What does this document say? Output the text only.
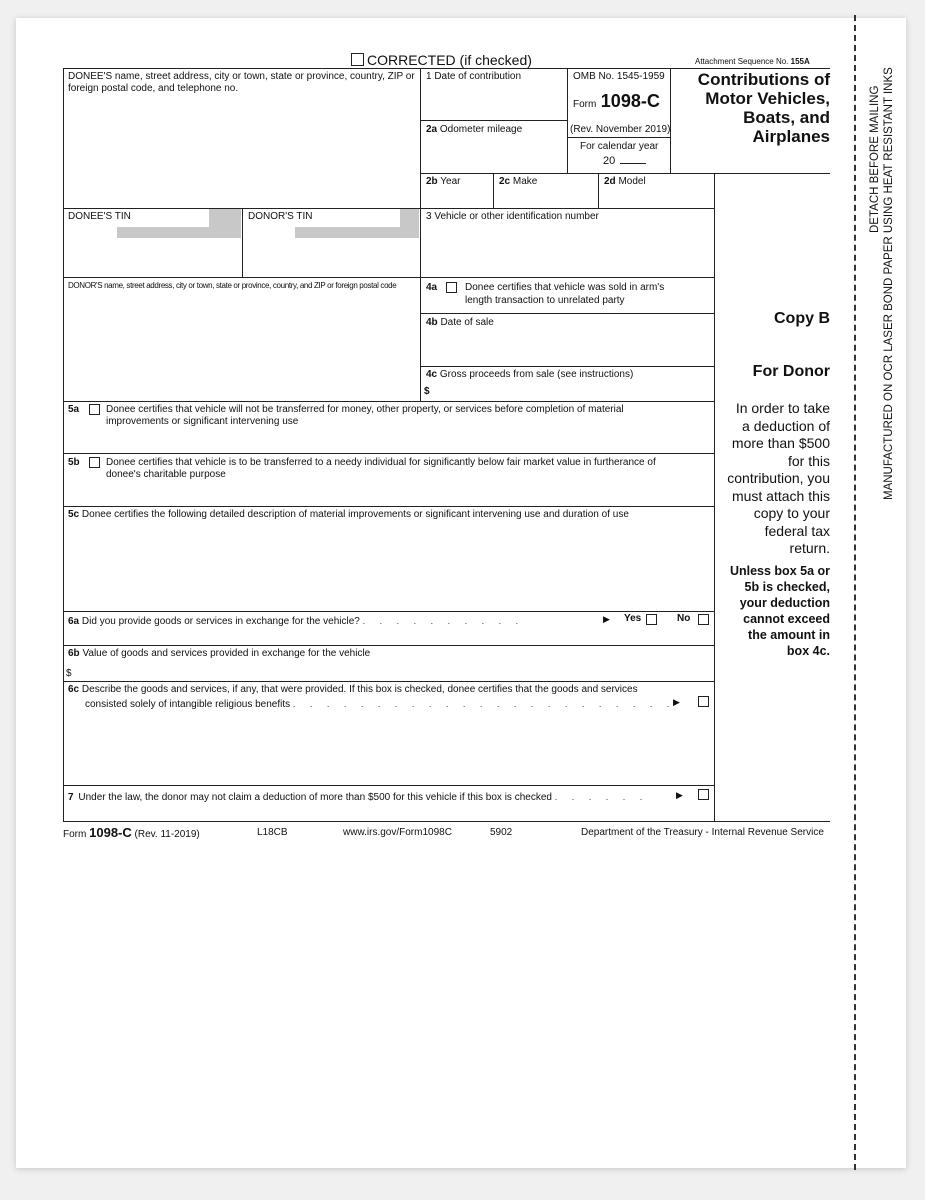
CORRECTED (if checked)	Attachment Sequence No. 155A
DONEE'S name, street address, city or town, state or province, country, ZIP or foreign postal code, and telephone no.
1 Date of contribution	OMB No. 1545-1959
Form 1098-C
(Rev. November 2019)
For calendar year
20
Contributions of
Motor Vehicles,
Boats, and
Airplanes
2a Odometer mileage
2b Year	2c Make	2d Model
DONEE'S TIN	DONOR'S TIN	3 Vehicle or other identification number
DONOR'S name, street address, city or town, state or province, country, and ZIP or foreign postal code	4a	Donee certifies that vehicle was sold in arm's
length transaction to unrelated party
4b Date of sale
4c Gross proceeds from sale (see instructions)
$
5a	Donee certifies that vehicle will not be transferred for money, other property, or services before completion of material
improvements or significant intervening use
5b	Donee certifies that vehicle is to be transferred to a needy individual for significantly below fair market value in furtherance of
donee's charitable purpose
5c Donee certifies the following detailed description of material improvements or significant intervening use and duration of use
6a Did you provide goods or services in exchange for the vehicle? . . . . . . . . . .	▶ Yes	No
6b Value of goods and services provided in exchange for the vehicle
$
6c Describe the goods and services, if any, that were provided. If this box is checked, donee certifies that the goods and services
consisted solely of intangible religious benefits . . . . . . . . . . . . . . . . . . . . . . .
▶
7 Under the law, the donor may not claim a deduction of more than $500 for this vehicle if this box is checked . . . . . .	▶
Copy B
For Donor
In order to take
a deduction of
more than $500
for this
contribution, you
must attach this
copy to your
federal tax
return.
Unless box 5a or
5b is checked,
your deduction
cannot exceed
the amount in
box 4c.
Form 1098-C (Rev. 11-2019)	L18CB	www.irs.gov/Form1098C	5902	Department of the Treasury - Internal Revenue Service
DETACH BEFORE MAILING MANUFACTURED ON OCR LASER BOND PAPER USING HEAT RESISTANT INKS
